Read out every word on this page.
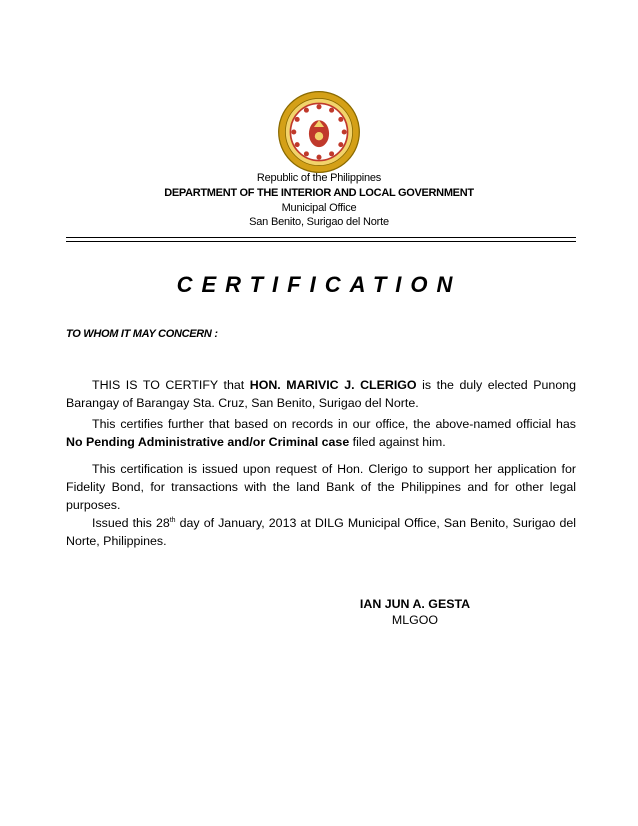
Republic of the Philippines
DEPARTMENT OF THE INTERIOR AND LOCAL GOVERNMENT
Municipal Office
San Benito, Surigao del Norte
CERTIFICATION
TO WHOM IT MAY CONCERN :

THIS IS TO CERTIFY that HON. MARIVIC J. CLERIGO is the duly elected Punong Barangay of Barangay Sta. Cruz, San Benito, Surigao del Norte.

This certifies further that based on records in our office, the above-named official has No Pending Administrative and/or Criminal case filed against him.

This certification is issued upon request of Hon. Clerigo to support her application for Fidelity Bond, for transactions with the land Bank of the Philippines and for other legal purposes.

Issued this 28th day of January, 2013 at DILG Municipal Office, San Benito, Surigao del Norte, Philippines.

IAN JUN A. GESTA
MLGOO
